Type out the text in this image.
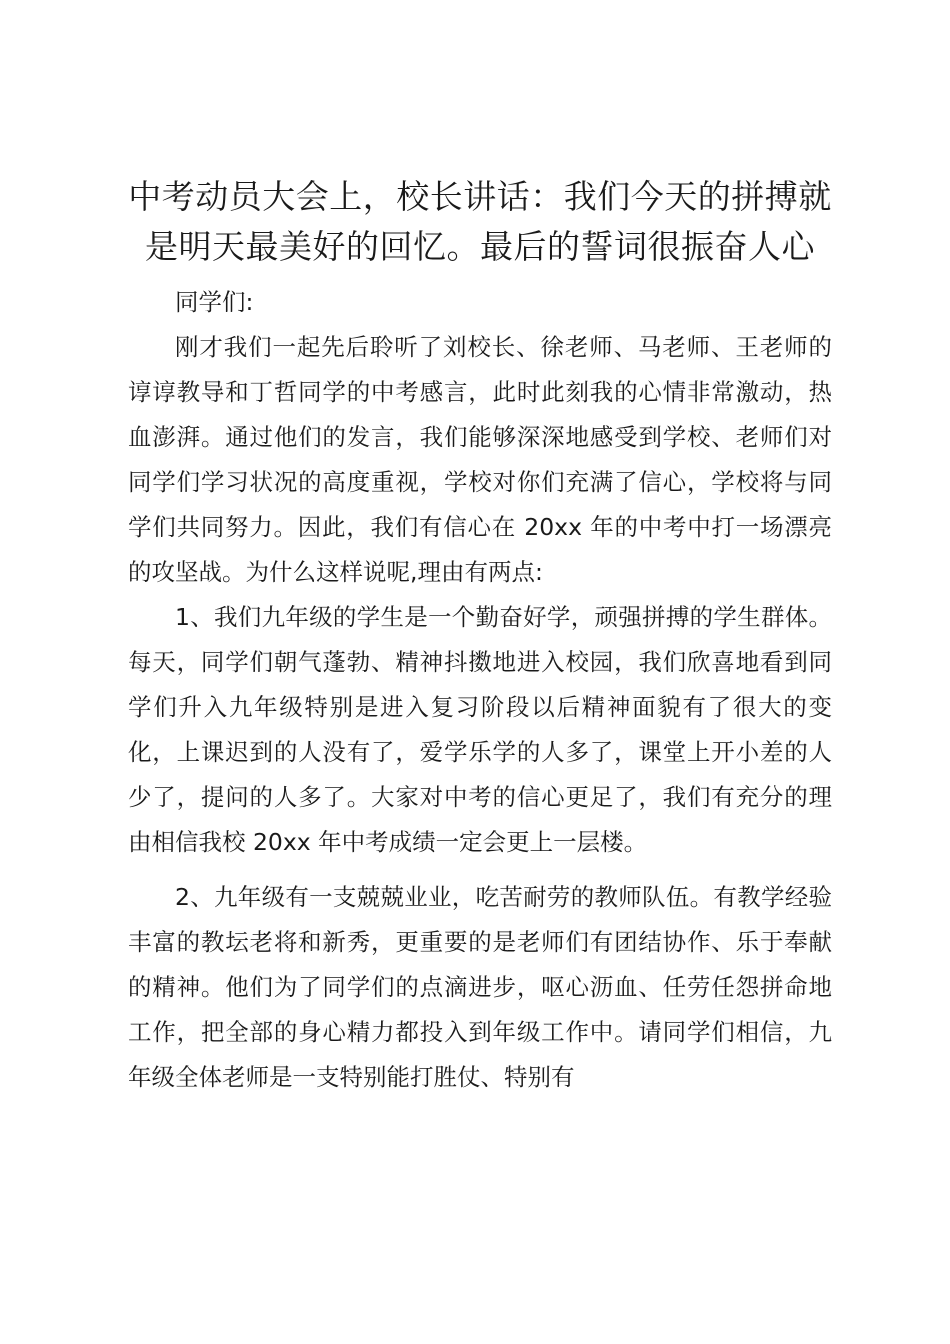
中考动员大会上，校长讲话：我们今天的拼搏就是明天最美好的回忆。最后的誓词很振奋人心

同学们:

刚才我们一起先后聆听了刘校长、徐老师、马老师、王老师的谆谆教导和丁哲同学的中考感言，此时此刻我的心情非常激动，热血澎湃。通过他们的发言，我们能够深深地感受到学校、老师们对同学们学习状况的高度重视，学校对你们充满了信心，学校将与同学们共同努力。因此，我们有信心在 20xx 年的中考中打一场漂亮的攻坚战。为什么这样说呢,理由有两点:

1、我们九年级的学生是一个勤奋好学，顽强拼搏的学生群体。每天，同学们朝气蓬勃、精神抖擞地进入校园，我们欣喜地看到同学们升入九年级特别是进入复习阶段以后精神面貌有了很大的变化，上课迟到的人没有了，爱学乐学的人多了，课堂上开小差的人少了，提问的人多了。大家对中考的信心更足了，我们有充分的理由相信我校 20xx 年中考成绩一定会更上一层楼。

2、九年级有一支兢兢业业，吃苦耐劳的教师队伍。有教学经验丰富的教坛老将和新秀，更重要的是老师们有团结协作、乐于奉献的精神。他们为了同学们的点滴进步，呕心沥血、任劳任怨拼命地工作，把全部的身心精力都投入到年级工作中。请同学们相信，九年级全体老师是一支特别能打胜仗、特别有
